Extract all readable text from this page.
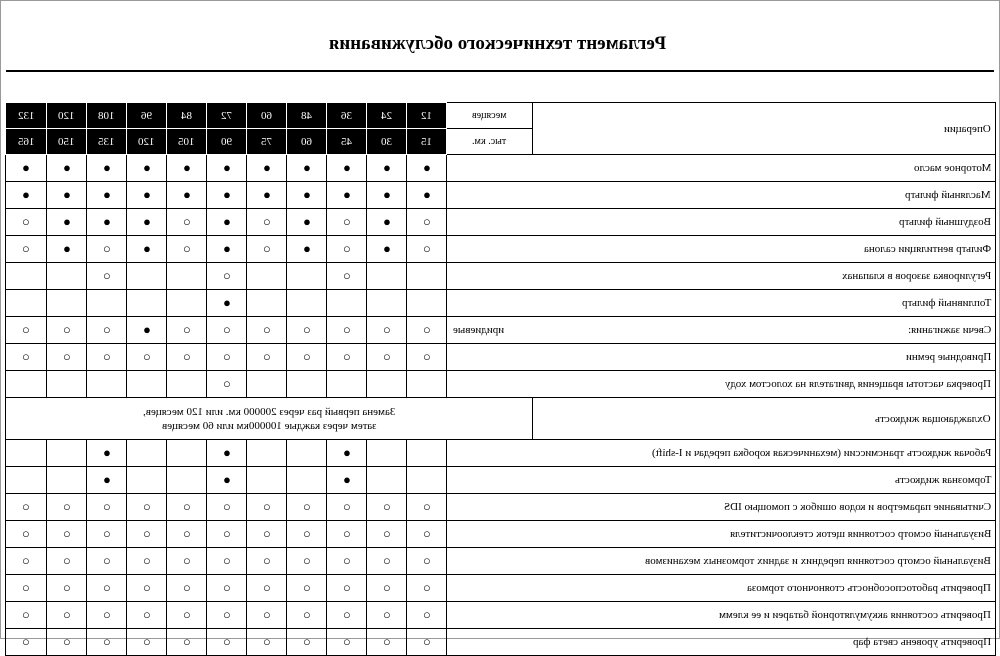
Регламент технического обслуживания
132	120	108	96	84	72	60	48	36	24	12	месяцев	Операции

165	150	135	120	105	90	75	60	45	30	15	тыс. км.	
●	●	●	●	●	●	●	●	●	●	●	Моторное масло	

●	●	●	●	●	●	●	●	●	●	●	Масляный фильтр	

○	●	●	●	○	●	○	●	○	●	○	Воздушный фильтр	

○	●	○	●	○	●	○	●	○	●	○	Фильтр вентиляции салона	

		○			○			○			Регулировка зазоров в клапанах	

					●						Топливный фильтр	

○	○	○	●	○	○	○	○	○	○	○	иридиевые Свечи зажигания:	

○	○	○	○	○	○	○	○	○	○	○	Приводные ремни	

					○						Проверка частоты вращения двигателя на холостом ходу	

Замена первый раз через 200000 км. или 120 месяцев,
затем через каждые 100000км или 60 месяцев												Охлаждающая жидкость

		●			●			●			Рабочая жидкость трансмиссии (механическая коробка передач и I-shift)	

		●			●			●			Тормозная жидкость	

○	○	○	○	○	○	○	○	○	○	○	Считывание параметров и кодов ошибок с помощью IDS	

○	○	○	○	○	○	○	○	○	○	○	Визуальный осмотр состояния щеток стеклоочистителя	

○	○	○	○	○	○	○	○	○	○	○	Визуальный осмотр состояния передних и задних тормозных механизмов	

○	○	○	○	○	○	○	○	○	○	○	Проверить работоспособность стояночного тормоза	

○	○	○	○	○	○	○	○	○	○	○	Проверить состояния аккумуляторной батареи и ее клемм	

○	○	○	○	○	○	○	○	○	○	○	Проверить уровень света фар	
